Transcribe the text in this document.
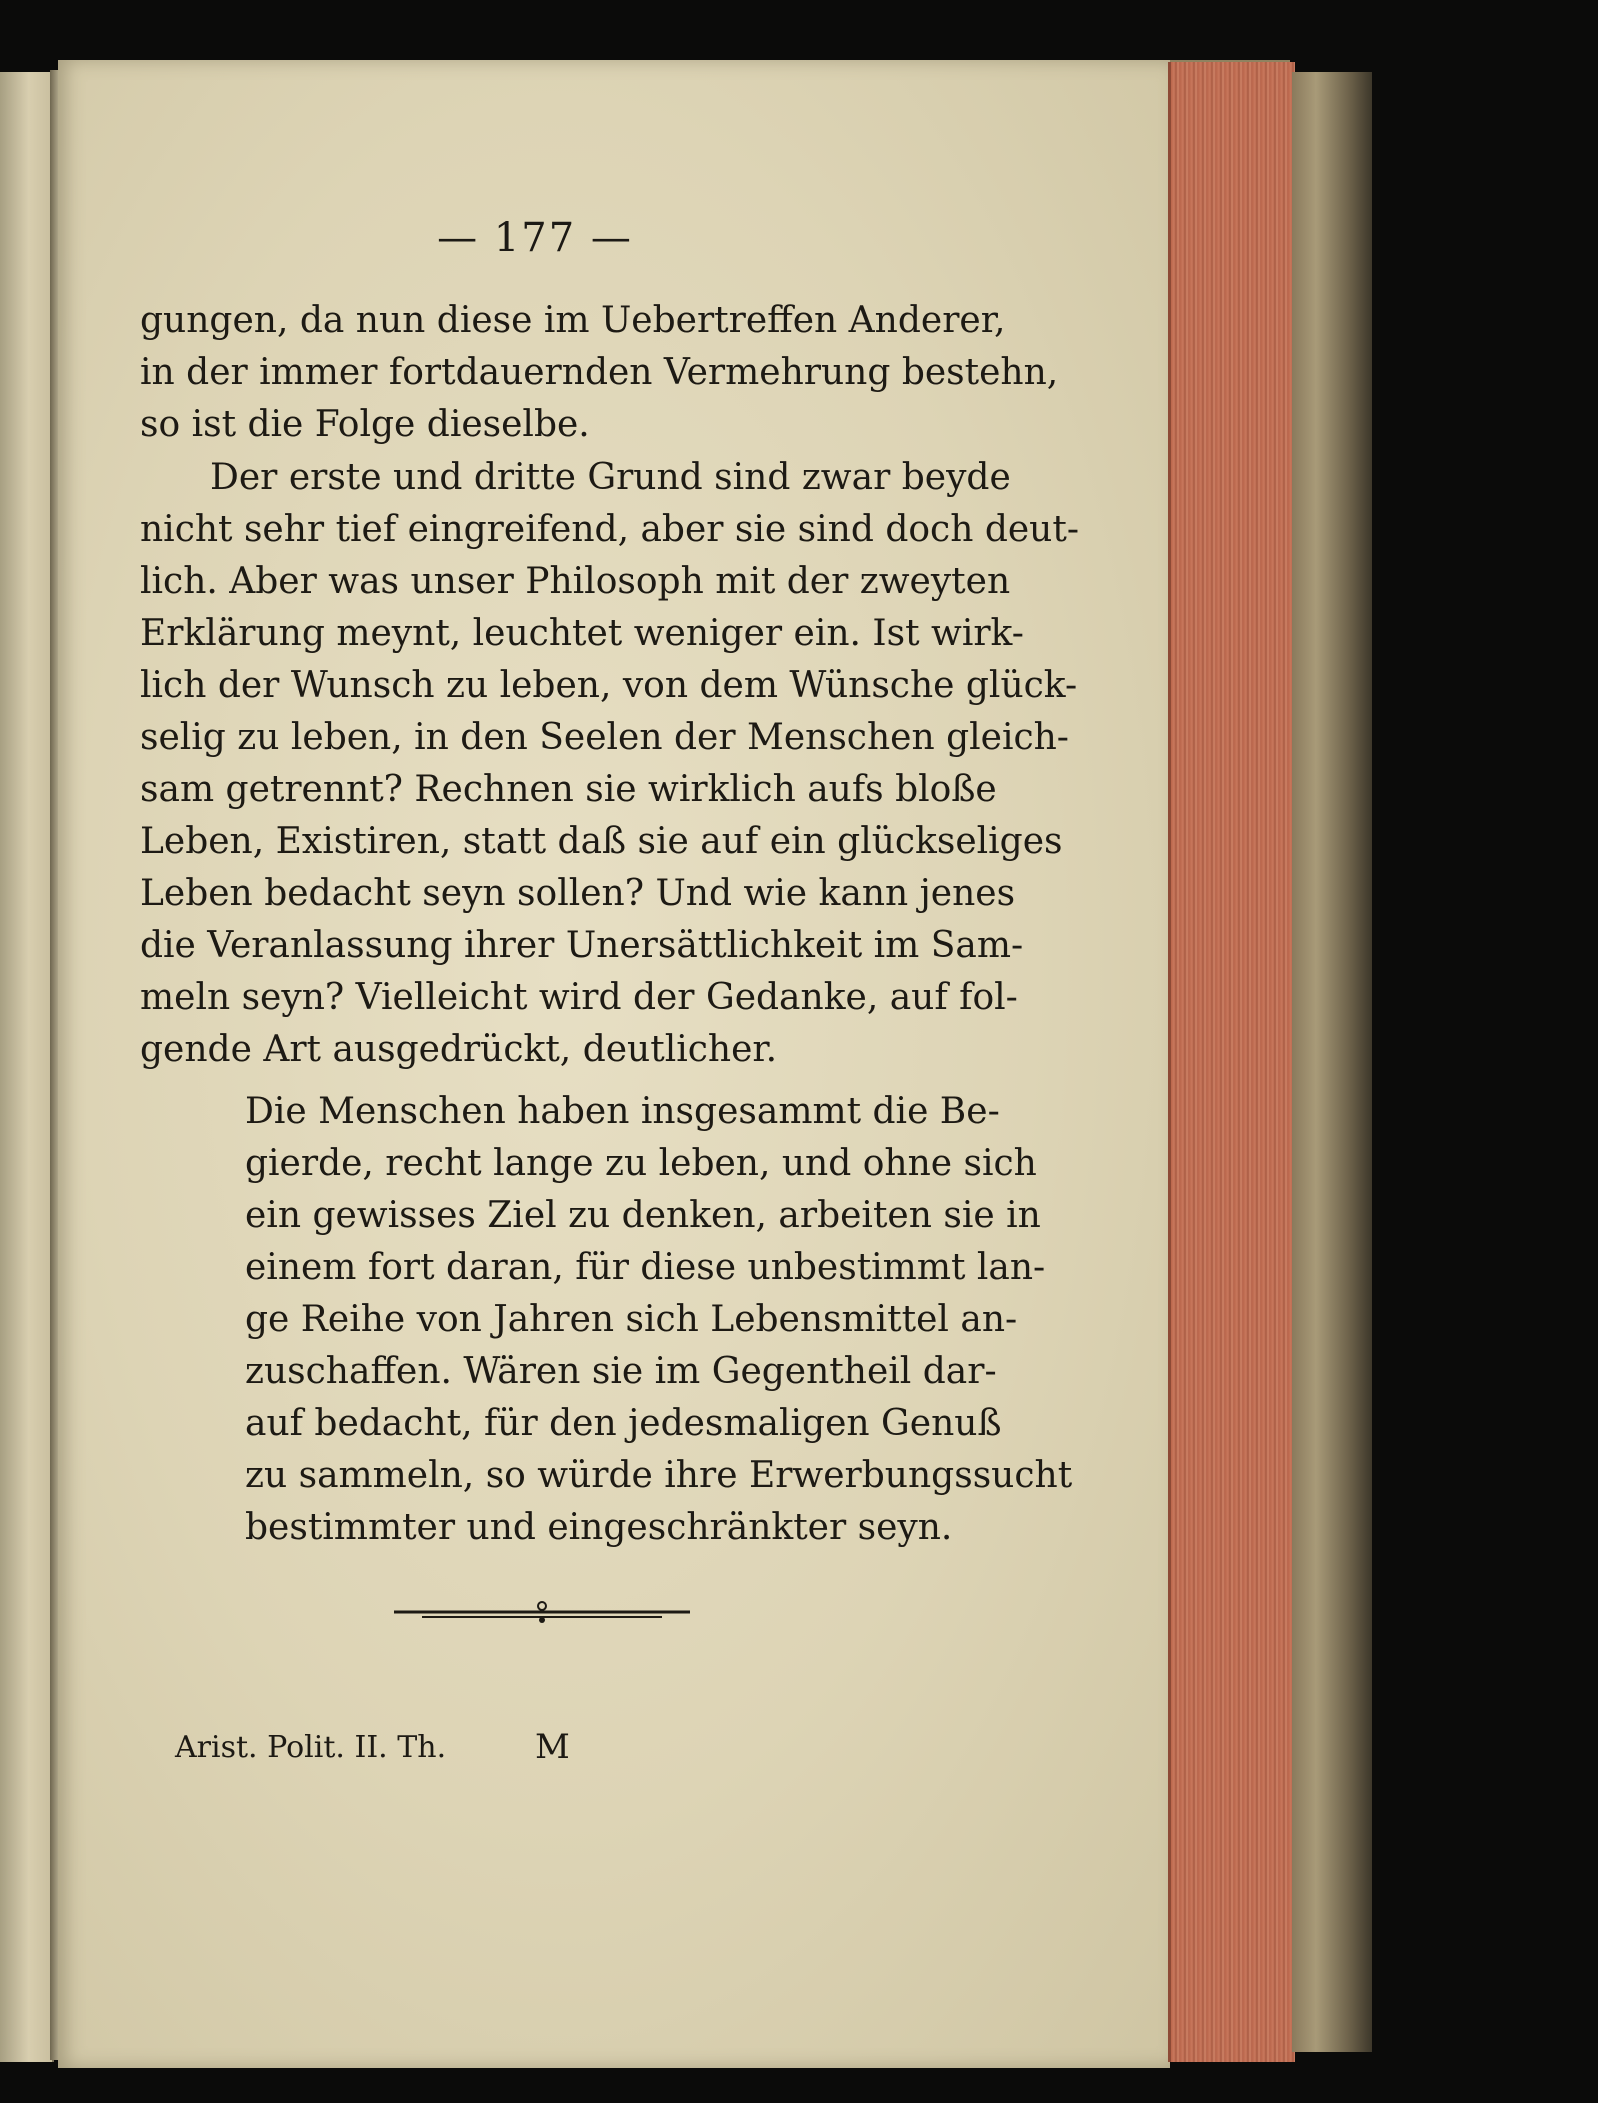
— 177 —
gungen, da nun diese im Uebertreffen Anderer,
in der immer fortdauernden Vermehrung bestehn,
so ist die Folge dieselbe.
Der erste und dritte Grund sind zwar beyde
nicht sehr tief eingreifend, aber sie sind doch deut-
lich. Aber was unser Philosoph mit der zweyten
Erklärung meynt, leuchtet weniger ein. Ist wirk-
lich der Wunsch zu leben, von dem Wünsche glück-
selig zu leben, in den Seelen der Menschen gleich-
sam getrennt? Rechnen sie wirklich aufs bloße
Leben, Existiren, statt daß sie auf ein glückseliges
Leben bedacht seyn sollen? Und wie kann jenes
die Veranlassung ihrer Unersättlichkeit im Sam-
meln seyn? Vielleicht wird der Gedanke, auf fol-
gende Art ausgedrückt, deutlicher.
Die Menschen haben insgesammt die Be-
gierde, recht lange zu leben, und ohne sich
ein gewisses Ziel zu denken, arbeiten sie in
einem fort daran, für diese unbestimmt lan-
ge Reihe von Jahren sich Lebensmittel an-
zuschaffen. Wären sie im Gegentheil dar-
auf bedacht, für den jedesmaligen Genuß
zu sammeln, so würde ihre Erwerbungssucht
bestimmter und eingeschränkter seyn.
Arist. Polit. II. Th.	M
